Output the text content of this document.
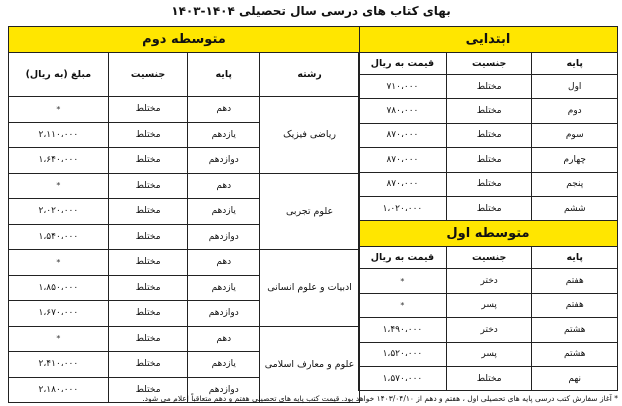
بهای کتاب های درسی سال تحصیلی ۱۴۰۴-۱۴۰۳
ابتدایی		
پایه	جنسیت	قیمت به ریال
اول	مختلط	۷۱۰،۰۰۰
دوم	مختلط	۷۸۰،۰۰۰
سوم	مختلط	۸۷۰،۰۰۰
چهارم	مختلط	۸۷۰،۰۰۰
پنجم	مختلط	۸۷۰،۰۰۰
ششم	مختلط	۱،۰۲۰،۰۰۰
متوسطه اول		
پایه	جنسیت	قیمت به ریال
هفتم	دختر	*
هفتم	پسر	*
هشتم	دختر	۱،۴۹۰،۰۰۰
هشتم	پسر	۱،۵۲۰،۰۰۰
نهم	مختلط	۱،۵۷۰،۰۰۰
متوسطه دوم			
رشته	پایه	جنسیت	مبلغ (به ریال)
ریاضی فیزیک	دهم	مختلط	*
	یازدهم	مختلط	۲،۱۱۰،۰۰۰
	دوازدهم	مختلط	۱،۶۴۰،۰۰۰
علوم تجربی	دهم	مختلط	*
	یازدهم	مختلط	۲،۰۲۰،۰۰۰
	دوازدهم	مختلط	۱،۵۴۰،۰۰۰
ادبیات و علوم انسانی	دهم	مختلط	*
	یازدهم	مختلط	۱،۸۵۰،۰۰۰
	دوازدهم	مختلط	۱،۶۷۰،۰۰۰
علوم و معارف اسلامی	دهم	مختلط	*
	یازدهم	مختلط	۲،۴۱۰،۰۰۰
	دوازدهم	مختلط	۲،۱۸۰،۰۰۰
* آغاز سفارش کتب درسی پایه های تحصیلی اول ، هفتم و دهم از ۱۴۰۳/۰۴/۱۰ خواهد بود. قیمت کتب پایه های تحصیلی هفتم و دهم متعاقباً اعلام می شود.
